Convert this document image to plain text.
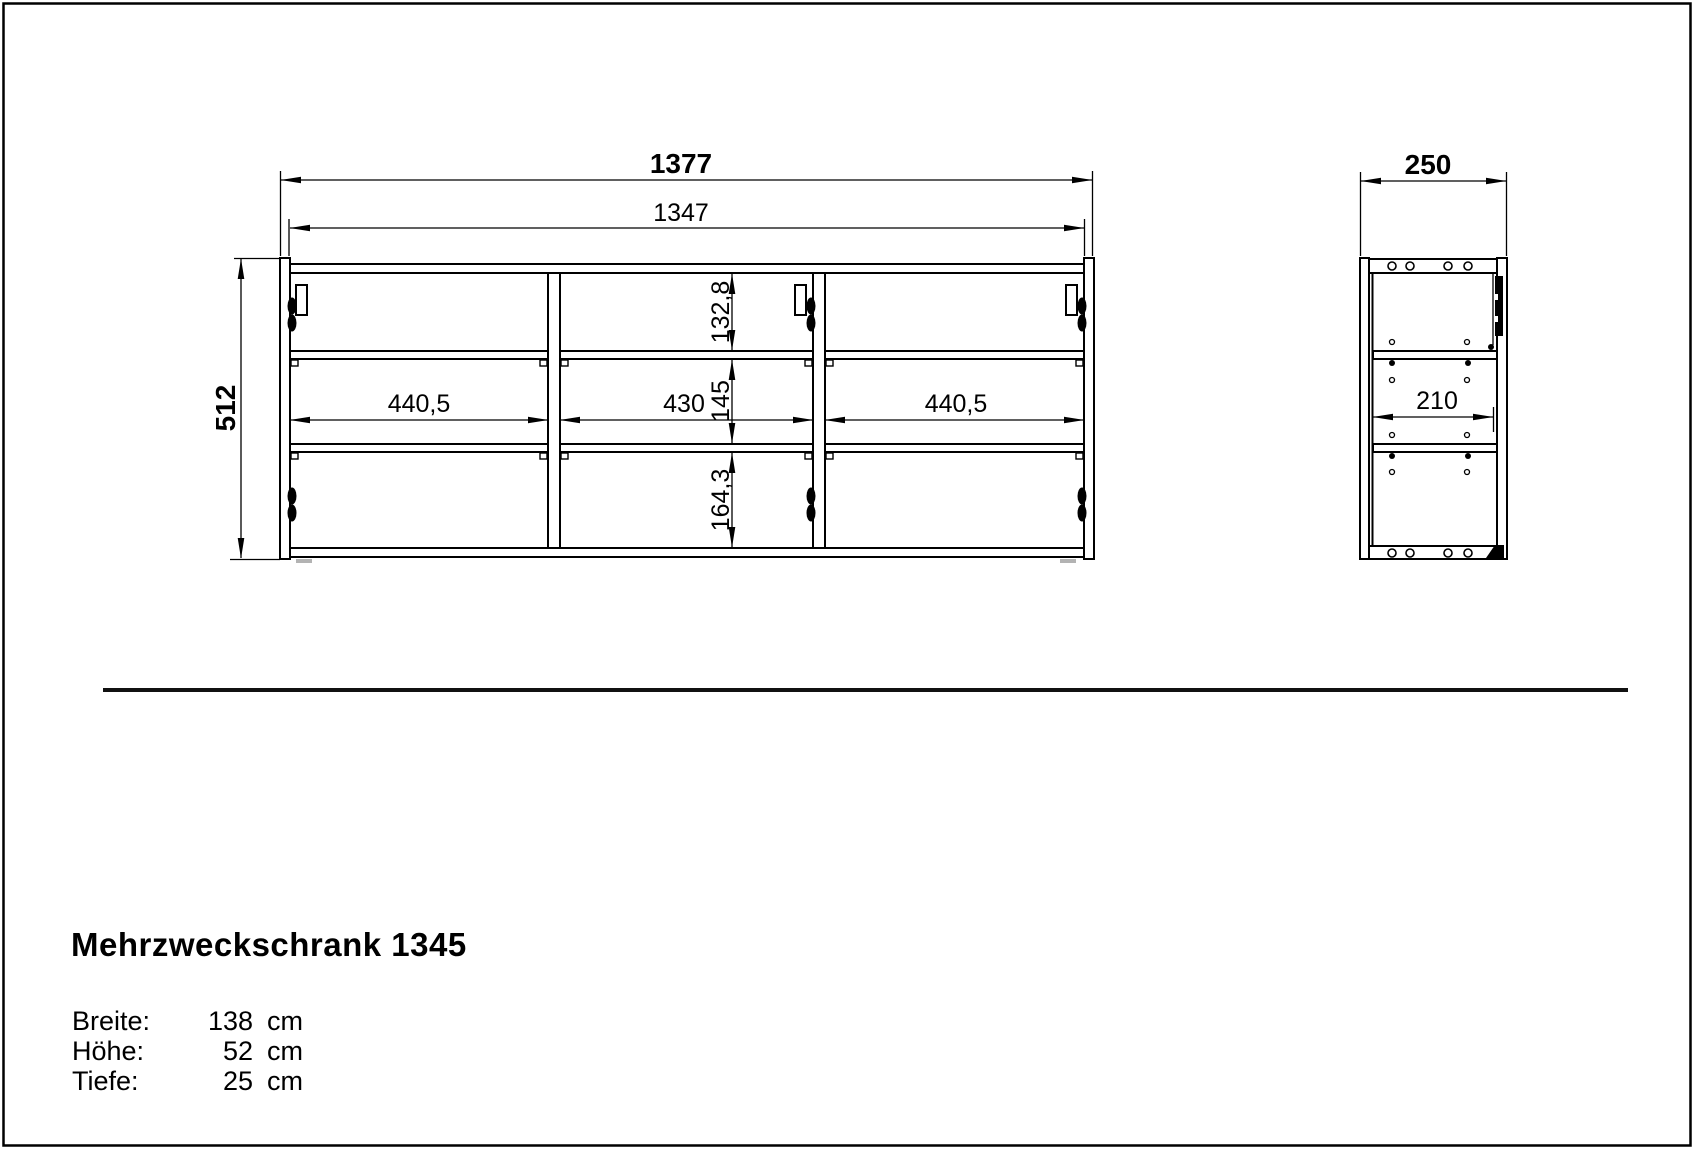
1377
1347
512	440,5	430	440,5
132,8
145
164,3
250
210
Mehrzweckschrank 1345
Breite:	138 cm
Höhe:	52 cm
Tiefe:	25 cm
